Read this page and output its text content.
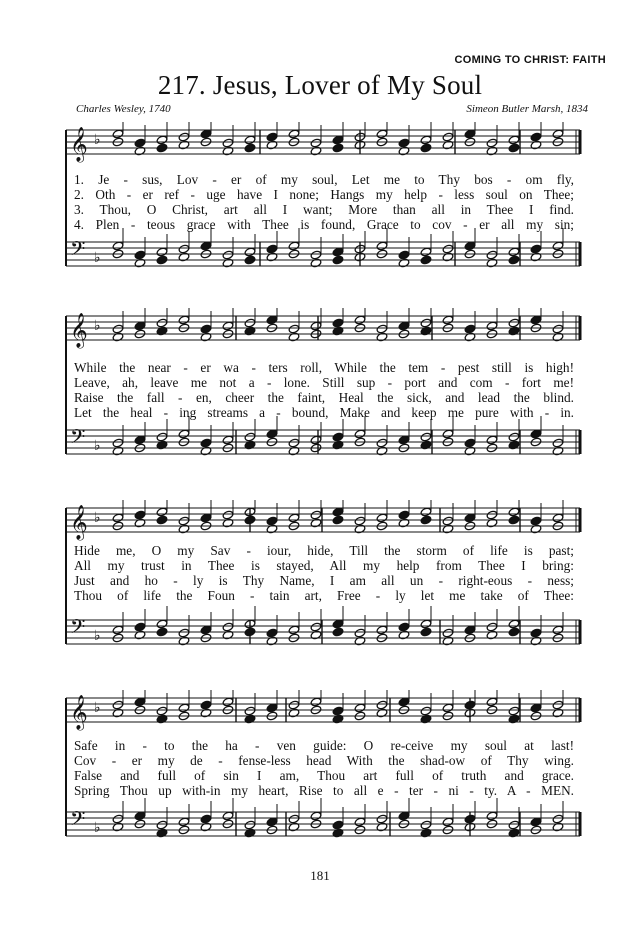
COMING TO CHRIST: FAITH
217. Jesus, Lover of My Soul
Charles Wesley, 1740	Simeon Butler Marsh, 1834
𝄞 ♭
𝄢 ♭
1. Je - sus, Lov - er of my soul, Let me to Thy bos - om fly,
2. Oth - er ref - uge have I none; Hangs my help - less soul on Thee;
3. Thou, O Christ, art all I want; More than all in Thee I find.
4. Plen - teous grace with Thee is found, Grace to cov - er all my sin;
𝄞 ♭
𝄢 ♭
While the near - er wa - ters roll, While the tem - pest still is high!
Leave, ah, leave me not a - lone. Still sup - port and com - fort me!
Raise the fall - en, cheer the faint, Heal the sick, and lead the blind.
Let the heal - ing streams a - bound, Make and keep me pure with - in.
𝄞 ♭
𝄢 ♭
Hide me, O my Sav - iour, hide, Till the storm of life is past;
All my trust in Thee is stayed, All my help from Thee I bring:
Just and ho - ly is Thy Name, I am all un - right-eous - ness;
Thou of life the Foun - tain art, Free - ly let me take of Thee:
𝄞 ♭
𝄢 ♭
Safe in - to the ha - ven guide: O re-ceive my soul at last!
Cov - er my de - fense-less head With the shad-ow of Thy wing.
False and full of sin I am, Thou art full of truth and grace.
Spring Thou up with-in my heart, Rise to all e - ter - ni - ty. A - MEN.
181
